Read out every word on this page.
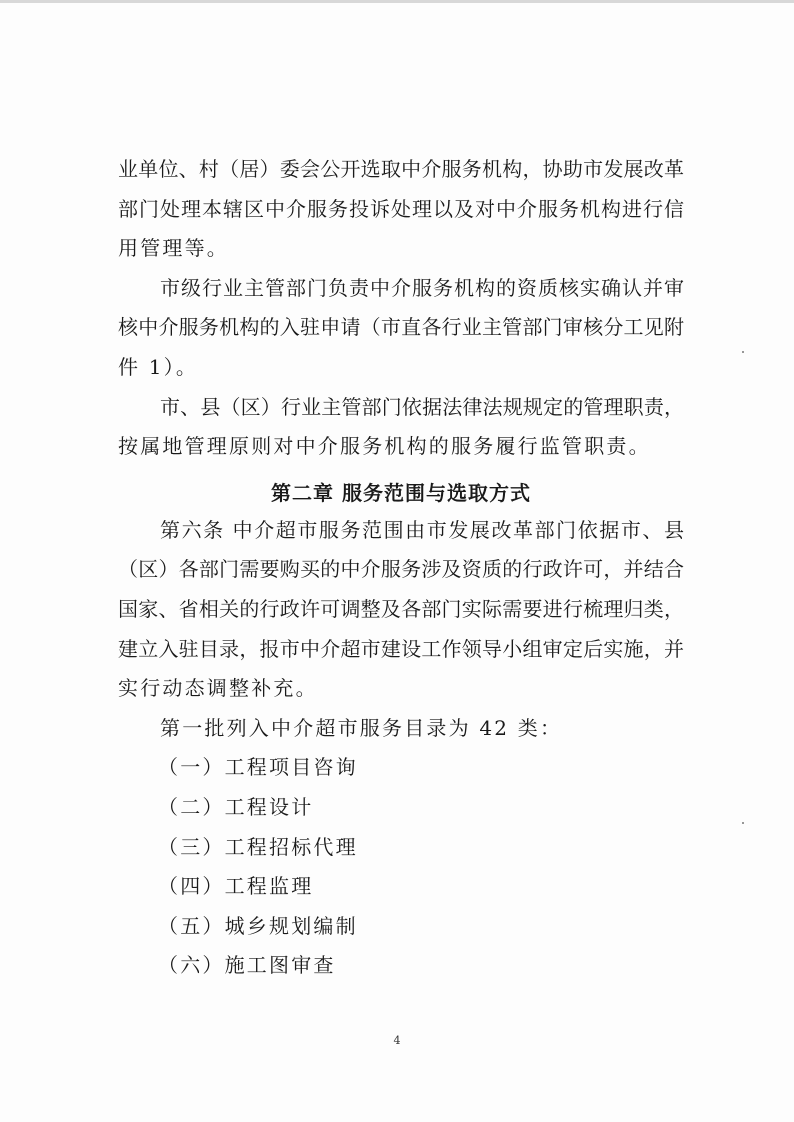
业单位、村（居）委会公开选取中介服务机构，协助市发展改革
部门处理本辖区中介服务投诉处理以及对中介服务机构进行信
用管理等。
市级行业主管部门负责中介服务机构的资质核实确认并审
核中介服务机构的入驻申请（市直各行业主管部门审核分工见附
件 1）。
市、县（区）行业主管部门依据法律法规规定的管理职责，
按属地管理原则对中介服务机构的服务履行监管职责。
第二章 服务范围与选取方式
第六条 中介超市服务范围由市发展改革部门依据市、县
（区）各部门需要购买的中介服务涉及资质的行政许可，并结合
国家、省相关的行政许可调整及各部门实际需要进行梳理归类，
建立入驻目录，报市中介超市建设工作领导小组审定后实施，并
实行动态调整补充。
第一批列入中介超市服务目录为 42 类：
（一）工程项目咨询
（二）工程设计
（三）工程招标代理
（四）工程监理
（五）城乡规划编制
（六）施工图审查
4
